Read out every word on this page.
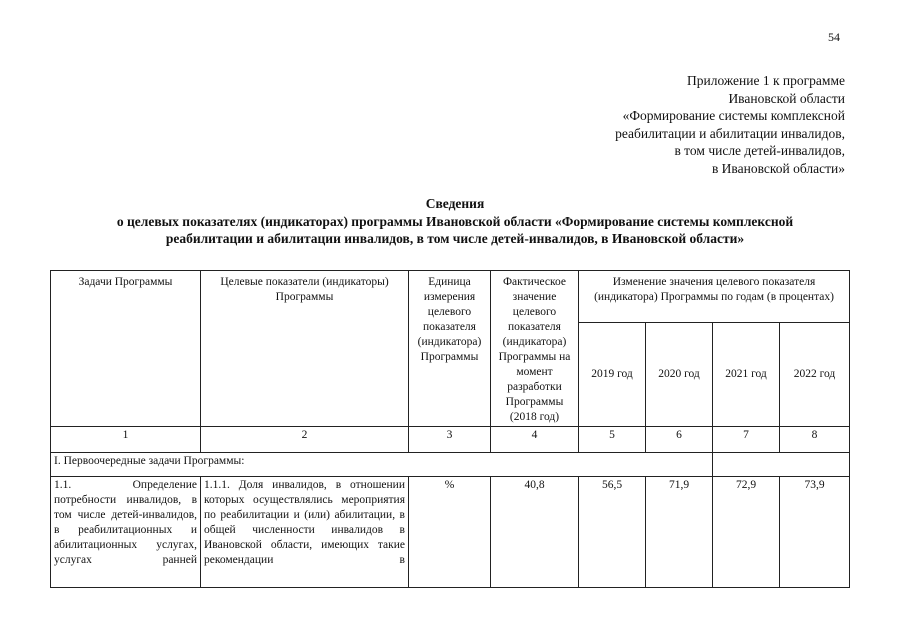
54
Приложение 1 к программе
Ивановской области
«Формирование системы комплексной
реабилитации и абилитации инвалидов,
в том числе детей-инвалидов,
в Ивановской области»
Сведения
о целевых показателях (индикаторах) программы Ивановской области «Формирование системы комплексной
реабилитации и абилитации инвалидов, в том числе детей-инвалидов, в Ивановской области»
Задачи Программы	Целевые показатели (индикаторы) Программы	Единица измерения целевого показателя (индикатора) Программы	Фактическое значение целевого показателя (индикатора) Программы на момент разработки Программы (2018 год)	Изменение значения целевого показателя (индикатора) Программы по годам (в процентах)			
				2019 год	2020 год	2021 год	2022 год
1	2	3	4	5	6	7	8
I. Первоочередные задачи Программы:							
1.1. Определение потребности инвалидов, в том числе детей-инвалидов, в реабилитационных и абилитационных услугах, услугах ранней	1.1.1. Доля инвалидов, в отношении которых осуществлялись мероприятия по реабилитации и (или) абилитации, в общей численности инвалидов в Ивановской области, имеющих такие рекомендации в	%	40,8	56,5	71,9	72,9	73,9
